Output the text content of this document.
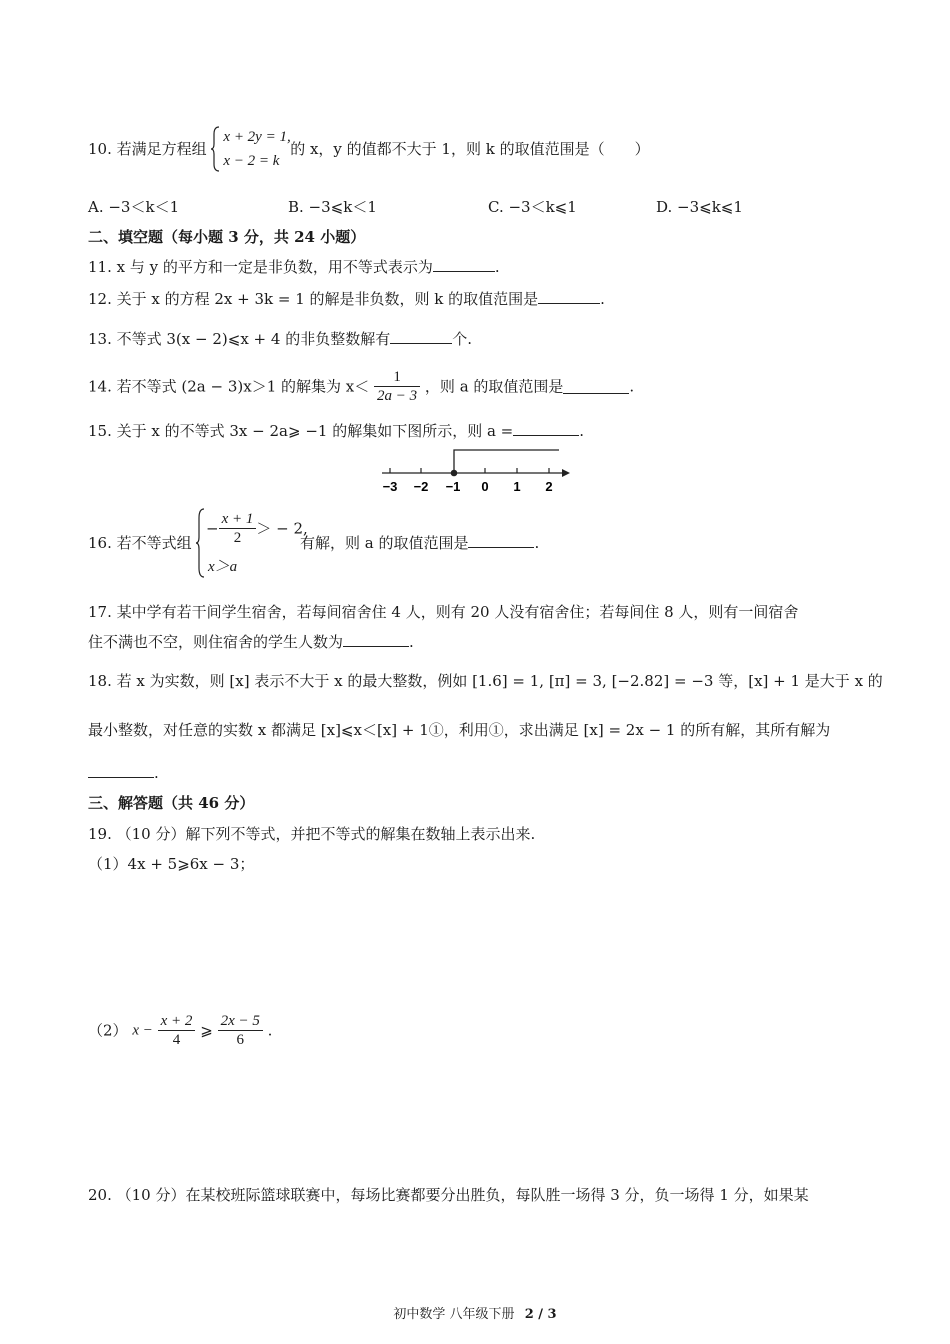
10. 若满足方程组
x + 2y = 1,
x − 2 = k
的 x，y 的值都不大于 1，则 k 的取值范围是（　　）
A. −3＜k＜1	B. −3⩽k＜1	C. −3＜k⩽1	D. −3⩽k⩽1
二、填空题（每小题 3 分，共 24 小题）
11. x 与 y 的平方和一定是非负数，用不等式表示为	.
12. 关于 x 的方程 2x + 3k = 1 的解是非负数，则 k 的取值范围是	.
13. 不等式 3(x − 2)⩽x + 4 的非负整数解有	个.
14. 若不等式 (2a − 3)x＞1 的解集为 $x< \frac{1}{2a - 3}$ ，则 a 的取值范围是	.
15. 关于 x 的不等式 3x − 2a⩾ −1 的解集如下图所示，则 a =	.
−3 −2 −1 0 1 2
16. 若不等式组
− $\frac{x + 1}{2}$ ＞ − 2,
x＞a
有解，则 a 的取值范围是	.
17. 某中学有若干间学生宿舍，若每间宿舍住 4 人，则有 20 人没有宿舍住；若每间住 8 人，则有一间宿舍
住不满也不空，则住宿舍的学生人数为	.
18. 若 x 为实数，则 [x] 表示不大于 x 的最大整数，例如 [1.6] = 1, [π] = 3, [−2.82] = −3 等，[x] + 1 是大于 x 的
最小整数，对任意的实数 x 都满足 [x]⩽x＜[x] + 1①，利用①，求出满足 [x] = 2x − 1 的所有解，其所有解为
.
三、解答题（共 46 分）
19. （10 分）解下列不等式，并把不等式的解集在数轴上表示出来.
（1）4x + 5⩾6x − 3；
（2） $x - \frac{x + 2}{4}$ ⩾ $\frac{2x - 5}{6}$ .
20. （10 分）在某校班际篮球联赛中，每场比赛都要分出胜负，每队胜一场得 3 分，负一场得 1 分，如果某
初中数学 八年级下册 2 / 3
